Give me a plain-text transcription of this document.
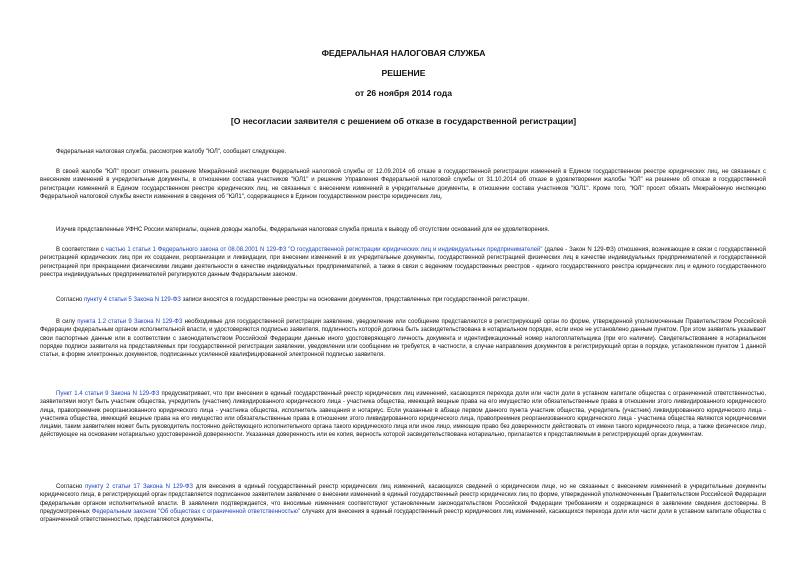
ФЕДЕРАЛЬНАЯ НАЛОГОВАЯ СЛУЖБА
РЕШЕНИЕ
от 26 ноября 2014 года
[О несогласии заявителя с решением об отказе в государственной регистрации]

Федеральная налоговая служба, рассмотрев жалобу "ЮЛ", сообщает следующее.

В своей жалобе "ЮЛ" просит отменить решение Межрайонной инспекции Федеральной налоговой службы от 12.09.2014 об отказе в государственной регистрации изменений в Едином государственном реестре юридических лиц, не связанных с внесением изменений в учредительные документы, в отношении состава участников "ЮЛ1" и решение Управления Федеральной налоговой службы от 31.10.2014 об отказе в удовлетворении жалобы "ЮЛ" на решение об отказе в государственной регистрации изменений в Едином государственном реестре юридических лиц, не связанных с внесением изменений в учредительные документы, в отношении состава участников "ЮЛ1". Кроме того, "ЮЛ" просит обязать Межрайонную инспекцию Федеральной налоговой службы внести изменения в сведения об "ЮЛ1", содержащиеся в Едином государственном реестре юридических лиц.

Изучив представленные УФНС России материалы, оценив доводы жалобы, Федеральная налоговая служба пришла к выводу об отсутствии оснований для ее удовлетворения.

В соответствии с частью 1 статьи 1 Федерального закона от 08.08.2001 N 129-ФЗ "О государственной регистрации юридических лиц и индивидуальных предпринимателей" (далее - Закон N 129-ФЗ) отношения, возникающие в связи с государственной регистрацией юридических лиц при их создании, реорганизации и ликвидации, при внесении изменений в их учредительные документы, государственной регистрацией физических лиц в качестве индивидуальных предпринимателей и государственной регистрацией при прекращении физическими лицами деятельности в качестве индивидуальных предпринимателей, а также в связи с ведением государственных реестров - единого государственного реестра юридических лиц и единого государственного реестра индивидуальных предпринимателей регулируются данным Федеральным законом.

Согласно пункту 4 статьи 5 Закона N 129-ФЗ записи вносятся в государственные реестры на основании документов, представленных при государственной регистрации.

В силу пункта 1.2 статьи 9 Закона N 129-ФЗ необходимые для государственной регистрации заявление, уведомление или сообщение представляются в регистрирующий орган по форме, утвержденной уполномоченным Правительством Российской Федерации федеральным органом исполнительной власти, и удостоверяются подписью заявителя, подлинность которой должна быть засвидетельствована в нотариальном порядке, если иное не установлено данным пунктом. При этом заявитель указывает свои паспортные данные или в соответствии с законодательством Российской Федерации данные иного удостоверяющего личность документа и идентификационный номер налогоплательщика (при его наличии). Свидетельствование в нотариальном порядке подписи заявителя на представляемых при государственной регистрации заявлении, уведомлении или сообщении не требуется, в частности, в случае направления документов в регистрирующий орган в порядке, установленном пунктом 1 данной статьи, в форме электронных документов, подписанных усиленной квалифицированной электронной подписью заявителя.

Пункт 1.4 статьи 9 Закона N 129-ФЗ предусматривает, что при внесении в единый государственный реестр юридических лиц изменений, касающихся перехода доли или части доли в уставном капитале общества с ограниченной ответственностью, заявителями могут быть участник общества, учредитель (участник) ликвидированного юридического лица - участника общества, имеющий вещные права на его имущество или обязательственные права в отношении этого ликвидированного юридического лица, правопреемник реорганизованного юридического лица - участника общества, исполнитель завещания и нотариус. Если указанные в абзаце первом данного пункта участник общества, учредитель (участник) ликвидированного юридического лица - участника общества, имеющий вещные права на его имущество или обязательственные права в отношении этого ликвидированного юридического лица, правопреемник реорганизованного юридического лица - участника общества являются юридическими лицами, таким заявителем может быть руководитель постоянно действующего исполнительного органа такого юридического лица или иное лицо, имеющие право без доверенности действовать от имени такого юридического лица, а также физическое лицо, действующее на основании нотариально удостоверенной доверенности. Указанная доверенность или ее копия, верность которой засвидетельствована нотариально, прилагается к представляемым в регистрирующий орган документам.

Согласно пункту 2 статьи 17 Закона N 129-ФЗ для внесения в единый государственный реестр юридических лиц изменений, касающихся сведений о юридическом лице, но не связанных с внесением изменений в учредительные документы юридического лица, в регистрирующий орган представляется подписанное заявителем заявление о внесении изменений в единый государственный реестр юридических лиц по форме, утвержденной уполномоченным Правительством Российской Федерации федеральным органом исполнительной власти. В заявлении подтверждается, что вносимые изменения соответствуют установленным законодательством Российской Федерации требованиям и содержащиеся в заявлении сведения достоверны. В предусмотренных Федеральным законом "Об обществах с ограниченной ответственностью" случаях для внесения в единый государственный реестр юридических лиц изменений, касающихся перехода доли или части доли в уставном капитале общества с ограниченной ответственностью, представляются документы,
